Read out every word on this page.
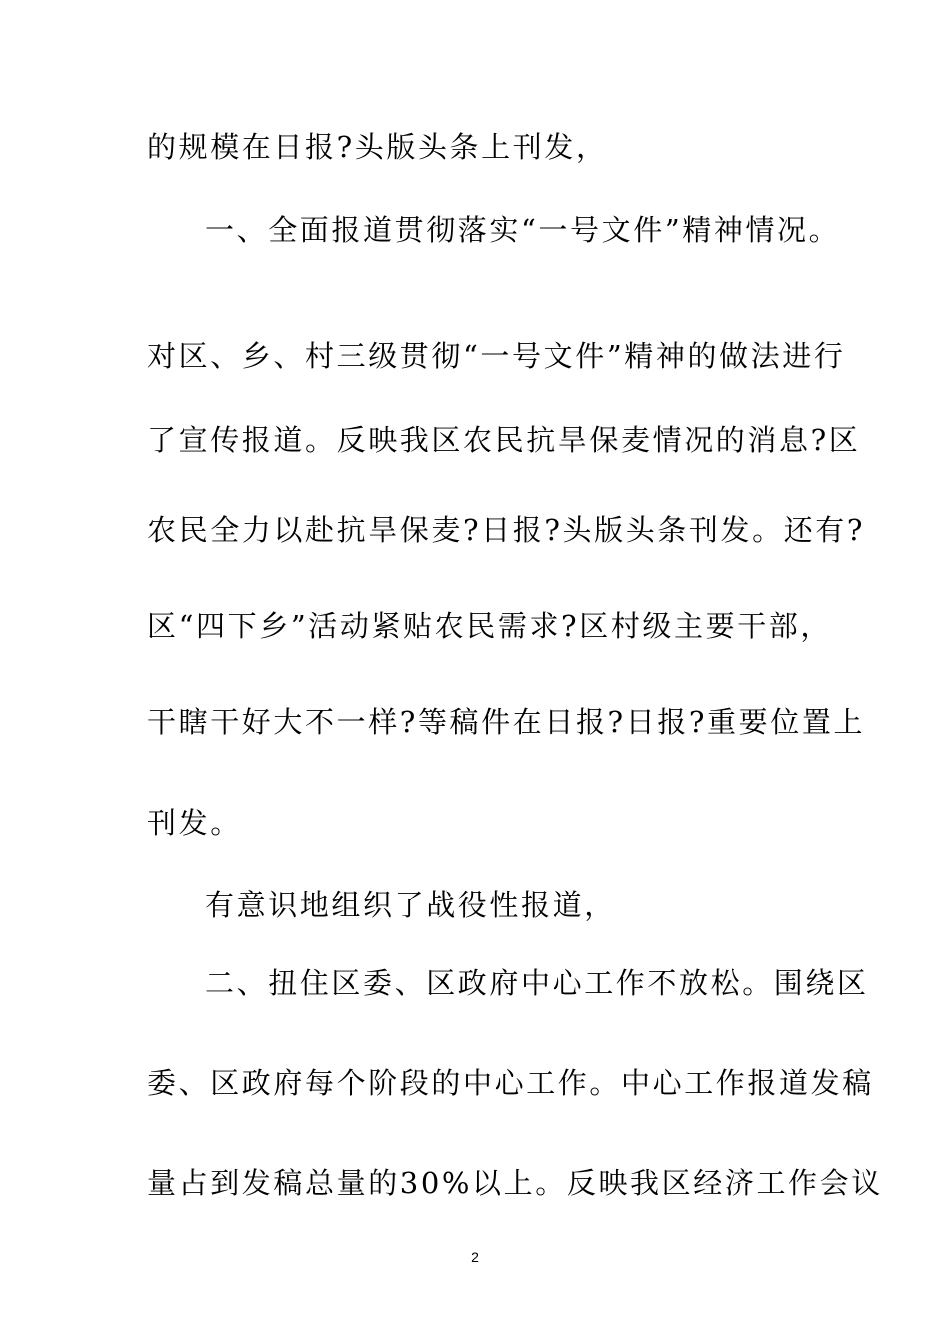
的规模在日报?头版头条上刊发，
一、全面报道贯彻落实“一号文件”精神情况。
对区、乡、村三级贯彻“一号文件”精神的做法进行
了宣传报道。反映我区农民抗旱保麦情况的消息?区
农民全力以赴抗旱保麦?日报?头版头条刊发。还有?
区“四下乡”活动紧贴农民需求?区村级主要干部，
干瞎干好大不一样?等稿件在日报?日报?重要位置上
刊发。
有意识地组织了战役性报道，
二、扭住区委、区政府中心工作不放松。围绕区
委、区政府每个阶段的中心工作。中心工作报道发稿
量占到发稿总量的30%以上。反映我区经济工作会议
2
